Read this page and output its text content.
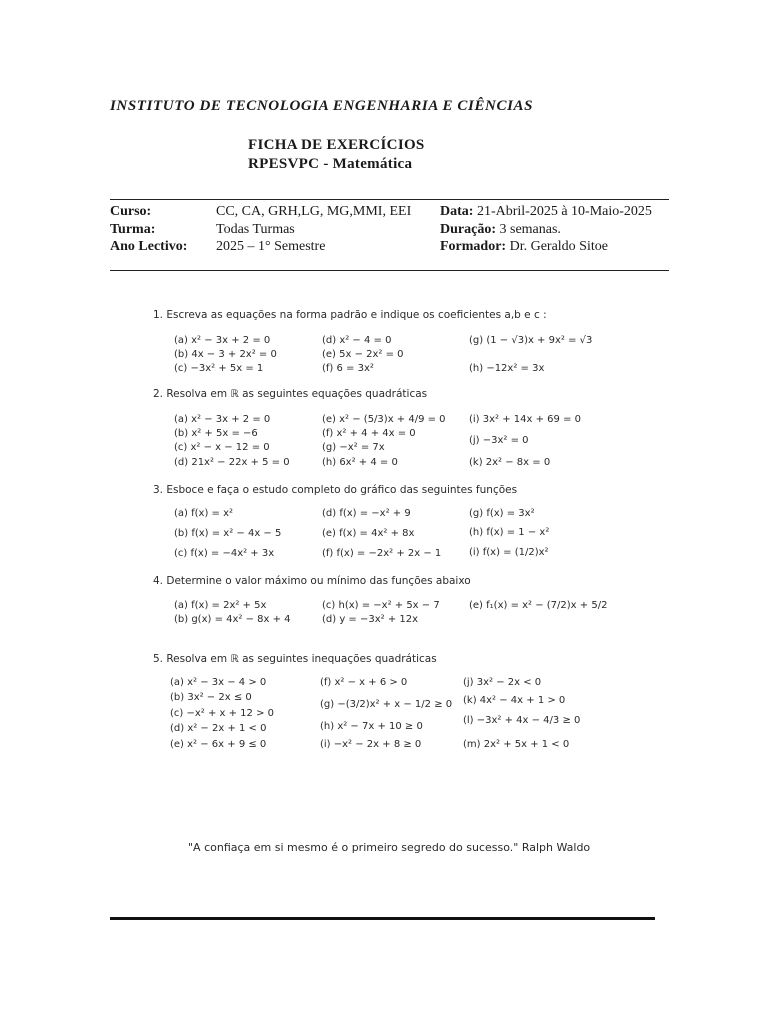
INSTITUTO DE TECNOLOGIA ENGENHARIA E CIÊNCIAS
FICHA DE EXERCÍCIOS
RPESVPC - Matemática
Curso:
Turma:
Ano Lectivo:
CC, CA, GRH,LG, MG,MMI, EEI
Todas Turmas
2025 – 1° Semestre
Data: 21-Abril-2025 à 10-Maio-2025
Duração: 3 semanas.
Formador: Dr. Geraldo Sitoe
1. Escreva as equações na forma padrão e indique os coeficientes a,b e c :
(a) x² − 3x + 2 = 0
(b) 4x − 3 + 2x² = 0
(c) −3x² + 5x = 1
(d) x² − 4 = 0
(e) 5x − 2x² = 0
(f) 6 = 3x²
(g) (1 − √3)x + 9x² = √3
(h) −12x² = 3x
2. Resolva em ℝ as seguintes equações quadráticas
(a) x² − 3x + 2 = 0
(b) x² + 5x = −6
(c) x² − x − 12 = 0
(d) 21x² − 22x + 5 = 0
(e) x² − (5/3)x + 4/9 = 0
(f) x² + 4 + 4x = 0
(g) −x² = 7x
(h) 6x² + 4 = 0
(i) 3x² + 14x + 69 = 0
(j) −3x² = 0
(k) 2x² − 8x = 0
3. Esboce e faça o estudo completo do gráfico das seguintes funções
(a) f(x) = x²
(b) f(x) = x² − 4x − 5
(c) f(x) = −4x² + 3x
(d) f(x) = −x² + 9
(e) f(x) = 4x² + 8x
(f) f(x) = −2x² + 2x − 1
(g) f(x) = 3x²
(h) f(x) = 1 − x²
(i) f(x) = (1/2)x²
4. Determine o valor máximo ou mínimo das funções abaixo
(a) f(x) = 2x² + 5x
(b) g(x) = 4x² − 8x + 4
(c) h(x) = −x² + 5x − 7
(d) y = −3x² + 12x
(e) f₁(x) = x² − (7/2)x + 5/2
5. Resolva em ℝ as seguintes inequações quadráticas
(a) x² − 3x − 4 > 0
(b) 3x² − 2x ≤ 0
(c) −x² + x + 12 > 0
(d) x² − 2x + 1 < 0
(e) x² − 6x + 9 ≤ 0
(f) x² − x + 6 > 0
(g) −(3/2)x² + x − 1/2 ≥ 0
(h) x² − 7x + 10 ≥ 0
(i) −x² − 2x + 8 ≥ 0
(j) 3x² − 2x < 0
(k) 4x² − 4x + 1 > 0
(l) −3x² + 4x − 4/3 ≥ 0
(m) 2x² + 5x + 1 < 0
"A confiaça em si mesmo é o primeiro segredo do sucesso." Ralph Waldo
